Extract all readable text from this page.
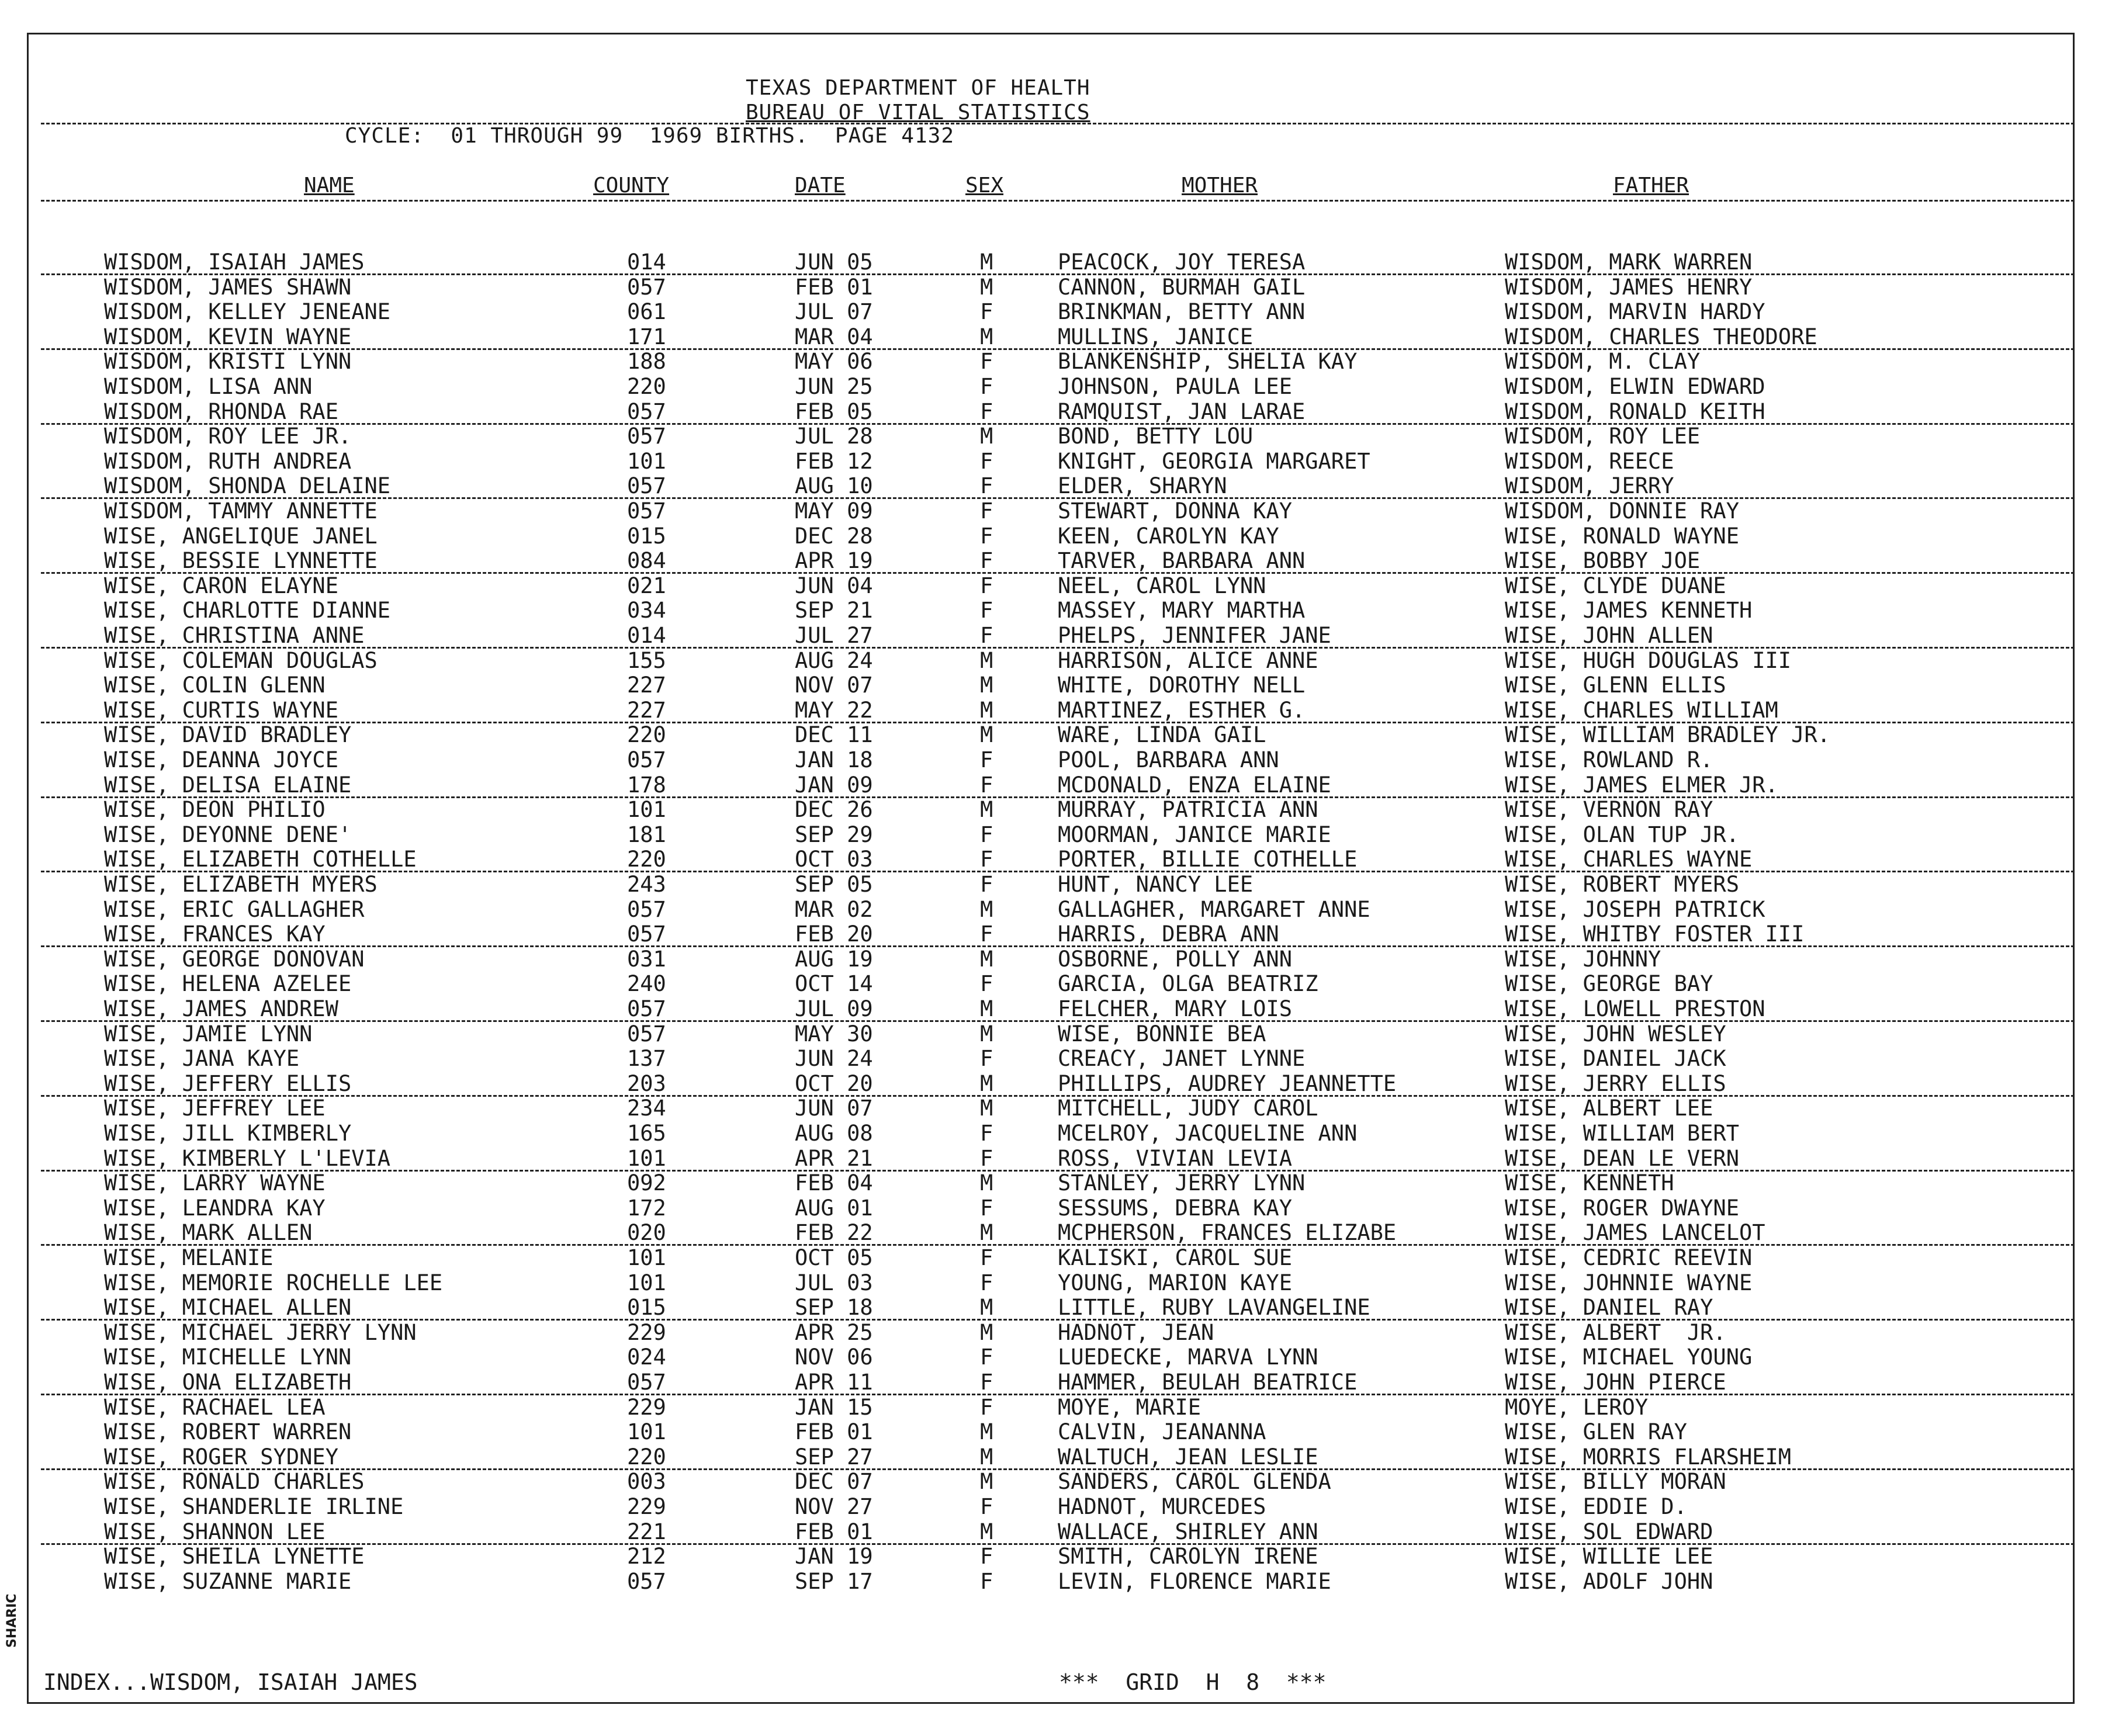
TEXAS DEPARTMENT OF HEALTH
BUREAU OF VITAL STATISTICS
CYCLE:  01 THROUGH 99  1969 BIRTHS.  PAGE 4132
NAME	COUNTY	DATE	SEX	MOTHER	FATHER
WISDOM, ISAIAH JAMES	014	JUN 05	M	PEACOCK, JOY TERESA	WISDOM, MARK WARREN
WISDOM, JAMES SHAWN	057	FEB 01	M	CANNON, BURMAH GAIL	WISDOM, JAMES HENRY
WISDOM, KELLEY JENEANE	061	JUL 07	F	BRINKMAN, BETTY ANN	WISDOM, MARVIN HARDY
WISDOM, KEVIN WAYNE	171	MAR 04	M	MULLINS, JANICE	WISDOM, CHARLES THEODORE
WISDOM, KRISTI LYNN	188	MAY 06	F	BLANKENSHIP, SHELIA KAY	WISDOM, M. CLAY
WISDOM, LISA ANN	220	JUN 25	F	JOHNSON, PAULA LEE	WISDOM, ELWIN EDWARD
WISDOM, RHONDA RAE	057	FEB 05	F	RAMQUIST, JAN LARAE	WISDOM, RONALD KEITH
WISDOM, ROY LEE JR.	057	JUL 28	M	BOND, BETTY LOU	WISDOM, ROY LEE
WISDOM, RUTH ANDREA	101	FEB 12	F	KNIGHT, GEORGIA MARGARET	WISDOM, REECE
WISDOM, SHONDA DELAINE	057	AUG 10	F	ELDER, SHARYN	WISDOM, JERRY
WISDOM, TAMMY ANNETTE	057	MAY 09	F	STEWART, DONNA KAY	WISDOM, DONNIE RAY
WISE, ANGELIQUE JANEL	015	DEC 28	F	KEEN, CAROLYN KAY	WISE, RONALD WAYNE
WISE, BESSIE LYNNETTE	084	APR 19	F	TARVER, BARBARA ANN	WISE, BOBBY JOE
WISE, CARON ELAYNE	021	JUN 04	F	NEEL, CAROL LYNN	WISE, CLYDE DUANE
WISE, CHARLOTTE DIANNE	034	SEP 21	F	MASSEY, MARY MARTHA	WISE, JAMES KENNETH
WISE, CHRISTINA ANNE	014	JUL 27	F	PHELPS, JENNIFER JANE	WISE, JOHN ALLEN
WISE, COLEMAN DOUGLAS	155	AUG 24	M	HARRISON, ALICE ANNE	WISE, HUGH DOUGLAS III
WISE, COLIN GLENN	227	NOV 07	M	WHITE, DOROTHY NELL	WISE, GLENN ELLIS
WISE, CURTIS WAYNE	227	MAY 22	M	MARTINEZ, ESTHER G.	WISE, CHARLES WILLIAM
WISE, DAVID BRADLEY	220	DEC 11	M	WARE, LINDA GAIL	WISE, WILLIAM BRADLEY JR.
WISE, DEANNA JOYCE	057	JAN 18	F	POOL, BARBARA ANN	WISE, ROWLAND R.
WISE, DELISA ELAINE	178	JAN 09	F	MCDONALD, ENZA ELAINE	WISE, JAMES ELMER JR.
WISE, DEON PHILIO	101	DEC 26	M	MURRAY, PATRICIA ANN	WISE, VERNON RAY
WISE, DEYONNE DENE'	181	SEP 29	F	MOORMAN, JANICE MARIE	WISE, OLAN TUP JR.
WISE, ELIZABETH COTHELLE	220	OCT 03	F	PORTER, BILLIE COTHELLE	WISE, CHARLES WAYNE
WISE, ELIZABETH MYERS	243	SEP 05	F	HUNT, NANCY LEE	WISE, ROBERT MYERS
WISE, ERIC GALLAGHER	057	MAR 02	M	GALLAGHER, MARGARET ANNE	WISE, JOSEPH PATRICK
WISE, FRANCES KAY	057	FEB 20	F	HARRIS, DEBRA ANN	WISE, WHITBY FOSTER III
WISE, GEORGE DONOVAN	031	AUG 19	M	OSBORNE, POLLY ANN	WISE, JOHNNY
WISE, HELENA AZELEE	240	OCT 14	F	GARCIA, OLGA BEATRIZ	WISE, GEORGE BAY
WISE, JAMES ANDREW	057	JUL 09	M	FELCHER, MARY LOIS	WISE, LOWELL PRESTON
WISE, JAMIE LYNN	057	MAY 30	M	WISE, BONNIE BEA	WISE, JOHN WESLEY
WISE, JANA KAYE	137	JUN 24	F	CREACY, JANET LYNNE	WISE, DANIEL JACK
WISE, JEFFERY ELLIS	203	OCT 20	M	PHILLIPS, AUDREY JEANNETTE	WISE, JERRY ELLIS
WISE, JEFFREY LEE	234	JUN 07	M	MITCHELL, JUDY CAROL	WISE, ALBERT LEE
WISE, JILL KIMBERLY	165	AUG 08	F	MCELROY, JACQUELINE ANN	WISE, WILLIAM BERT
WISE, KIMBERLY L'LEVIA	101	APR 21	F	ROSS, VIVIAN LEVIA	WISE, DEAN LE VERN
WISE, LARRY WAYNE	092	FEB 04	M	STANLEY, JERRY LYNN	WISE, KENNETH
WISE, LEANDRA KAY	172	AUG 01	F	SESSUMS, DEBRA KAY	WISE, ROGER DWAYNE
WISE, MARK ALLEN	020	FEB 22	M	MCPHERSON, FRANCES ELIZABE	WISE, JAMES LANCELOT
WISE, MELANIE	101	OCT 05	F	KALISKI, CAROL SUE	WISE, CEDRIC REEVIN
WISE, MEMORIE ROCHELLE LEE	101	JUL 03	F	YOUNG, MARION KAYE	WISE, JOHNNIE WAYNE
WISE, MICHAEL ALLEN	015	SEP 18	M	LITTLE, RUBY LAVANGELINE	WISE, DANIEL RAY
WISE, MICHAEL JERRY LYNN	229	APR 25	M	HADNOT, JEAN	WISE, ALBERT  JR.
WISE, MICHELLE LYNN	024	NOV 06	F	LUEDECKE, MARVA LYNN	WISE, MICHAEL YOUNG
WISE, ONA ELIZABETH	057	APR 11	F	HAMMER, BEULAH BEATRICE	WISE, JOHN PIERCE
WISE, RACHAEL LEA	229	JAN 15	F	MOYE, MARIE	MOYE, LEROY
WISE, ROBERT WARREN	101	FEB 01	M	CALVIN, JEANANNA	WISE, GLEN RAY
WISE, ROGER SYDNEY	220	SEP 27	M	WALTUCH, JEAN LESLIE	WISE, MORRIS FLARSHEIM
WISE, RONALD CHARLES	003	DEC 07	M	SANDERS, CAROL GLENDA	WISE, BILLY MORAN
WISE, SHANDERLIE IRLINE	229	NOV 27	F	HADNOT, MURCEDES	WISE, EDDIE D.
WISE, SHANNON LEE	221	FEB 01	M	WALLACE, SHIRLEY ANN	WISE, SOL EDWARD
WISE, SHEILA LYNETTE	212	JAN 19	F	SMITH, CAROLYN IRENE	WISE, WILLIE LEE
WISE, SUZANNE MARIE	057	SEP 17	F	LEVIN, FLORENCE MARIE	WISE, ADOLF JOHN
SHARIC
INDEX...WISDOM, ISAIAH JAMES	***  GRID  H  8  ***
